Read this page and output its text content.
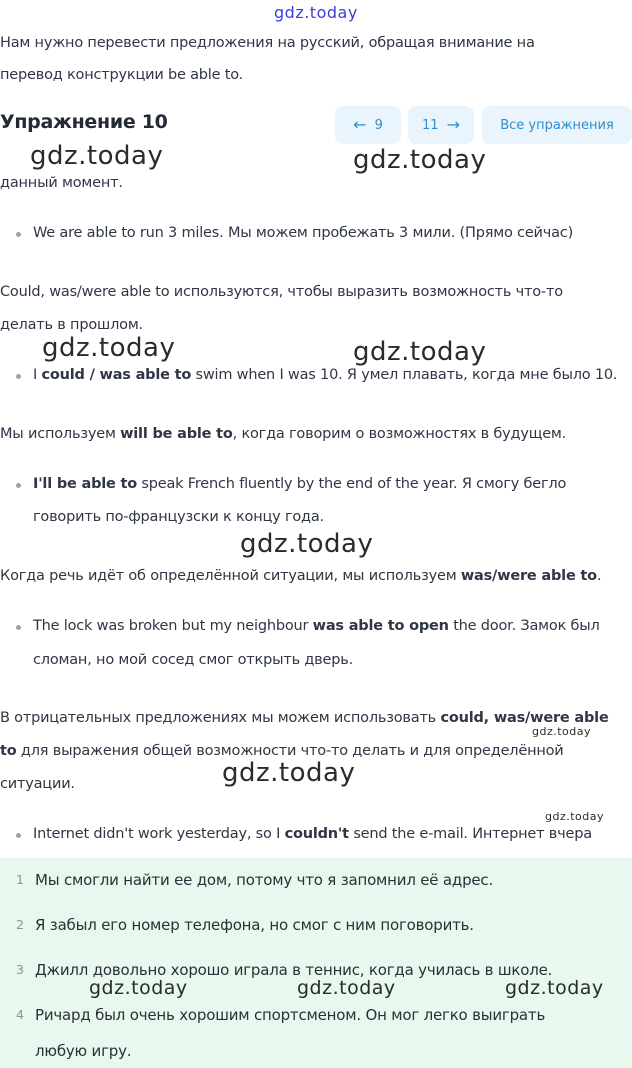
gdz.today
Нам нужно перевести предложения на русский, обращая внимание на
перевод конструкции be able to.
Упражнение 10	← 9	11 →	Все упражнения
данный момент.
We are able to run 3 miles. Мы можем пробежать 3 мили. (Прямо сейчас)
Could, was/were able to используются, чтобы выразить возможность что-то
делать в прошлом.
I could / was able to swim when I was 10. Я умел плавать, когда мне было 10.
Мы используем will be able to, когда говорим о возможностях в будущем.
I'll be able to speak French fluently by the end of the year. Я смогу бегло
говорить по-французски к концу года.
Когда речь идёт об определённой ситуации, мы используем was/were able to.
The lock was broken but my neighbour was able to open the door. Замок был
сломан, но мой сосед смог открыть дверь.
В отрицательных предложениях мы можем использовать could, was/were able
to для выражения общей возможности что-то делать и для определённой
ситуации.
Internet didn't work yesterday, so I couldn't send the e-mail. Интернет вчера
1 Мы смогли найти ее дом, потому что я запомнил её адрес.
2 Я забыл его номер телефона, но смог с ним поговорить.
3 Джилл довольно хорошо играла в теннис, когда училась в школе.
4 Ричард был очень хорошим спортсменом. Он мог легко выиграть
любую игру.
gdz.today	gdz.today
gdz.today	gdz.today
gdz.today
gdz.today
gdz.today
gdz.today
gdz.today	gdz.today	gdz.today
